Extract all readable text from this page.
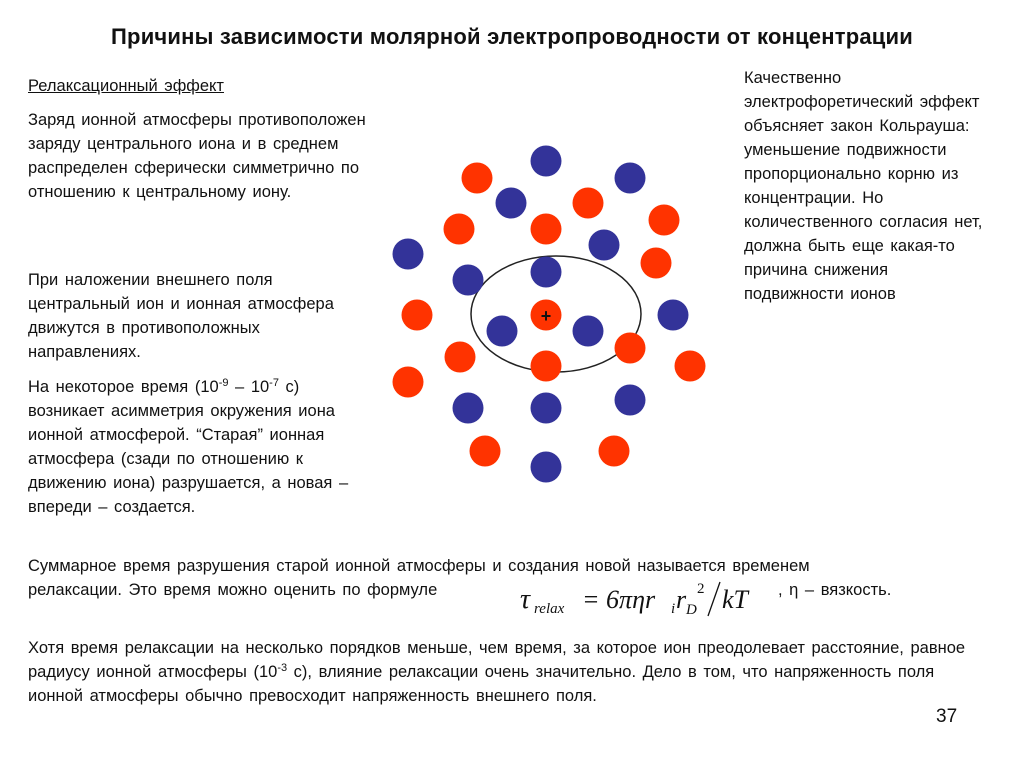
Причины зависимости молярной электропроводности от концентрации
Релаксационный эффект
Заряд ионной атмосферы противоположен заряду центрального иона и в среднем распределен сферически симметрично по отношению к центральному иону.
При наложении внешнего поля центральный ион и ионная атмосфера движутся в противоположных направлениях.
На некоторое время ($10^{-9} - 10^{-7}$ с) возникает асимметрия окружения иона ионной атмосферой. “Старая” ионная атмосфера (сзади по отношению к движению иона) разрушается, а новая – впереди – создается.
Качественно электрофоретический эффект объясняет закон Кольрауша: уменьшение подвижности пропорционально корню из концентрации. Но количественного согласия нет, должна быть еще какая-то причина снижения подвижности ионов
+
Суммарное время разрушения старой ионной атмосферы и создания новой называется временем
релаксации. Это время можно оценить по формуле	τ relax = 6πηr i r D
2 kT , η – вязкость.
Хотя время релаксации на несколько порядков меньше, чем время, за которое ион преодолевает расстояние, равное радиусу ионной атмосферы ($10^{-3}$ с), влияние релаксации очень значительно. Дело в том, что напряженность поля ионной атмосферы обычно превосходит напряженность внешнего поля.
37
